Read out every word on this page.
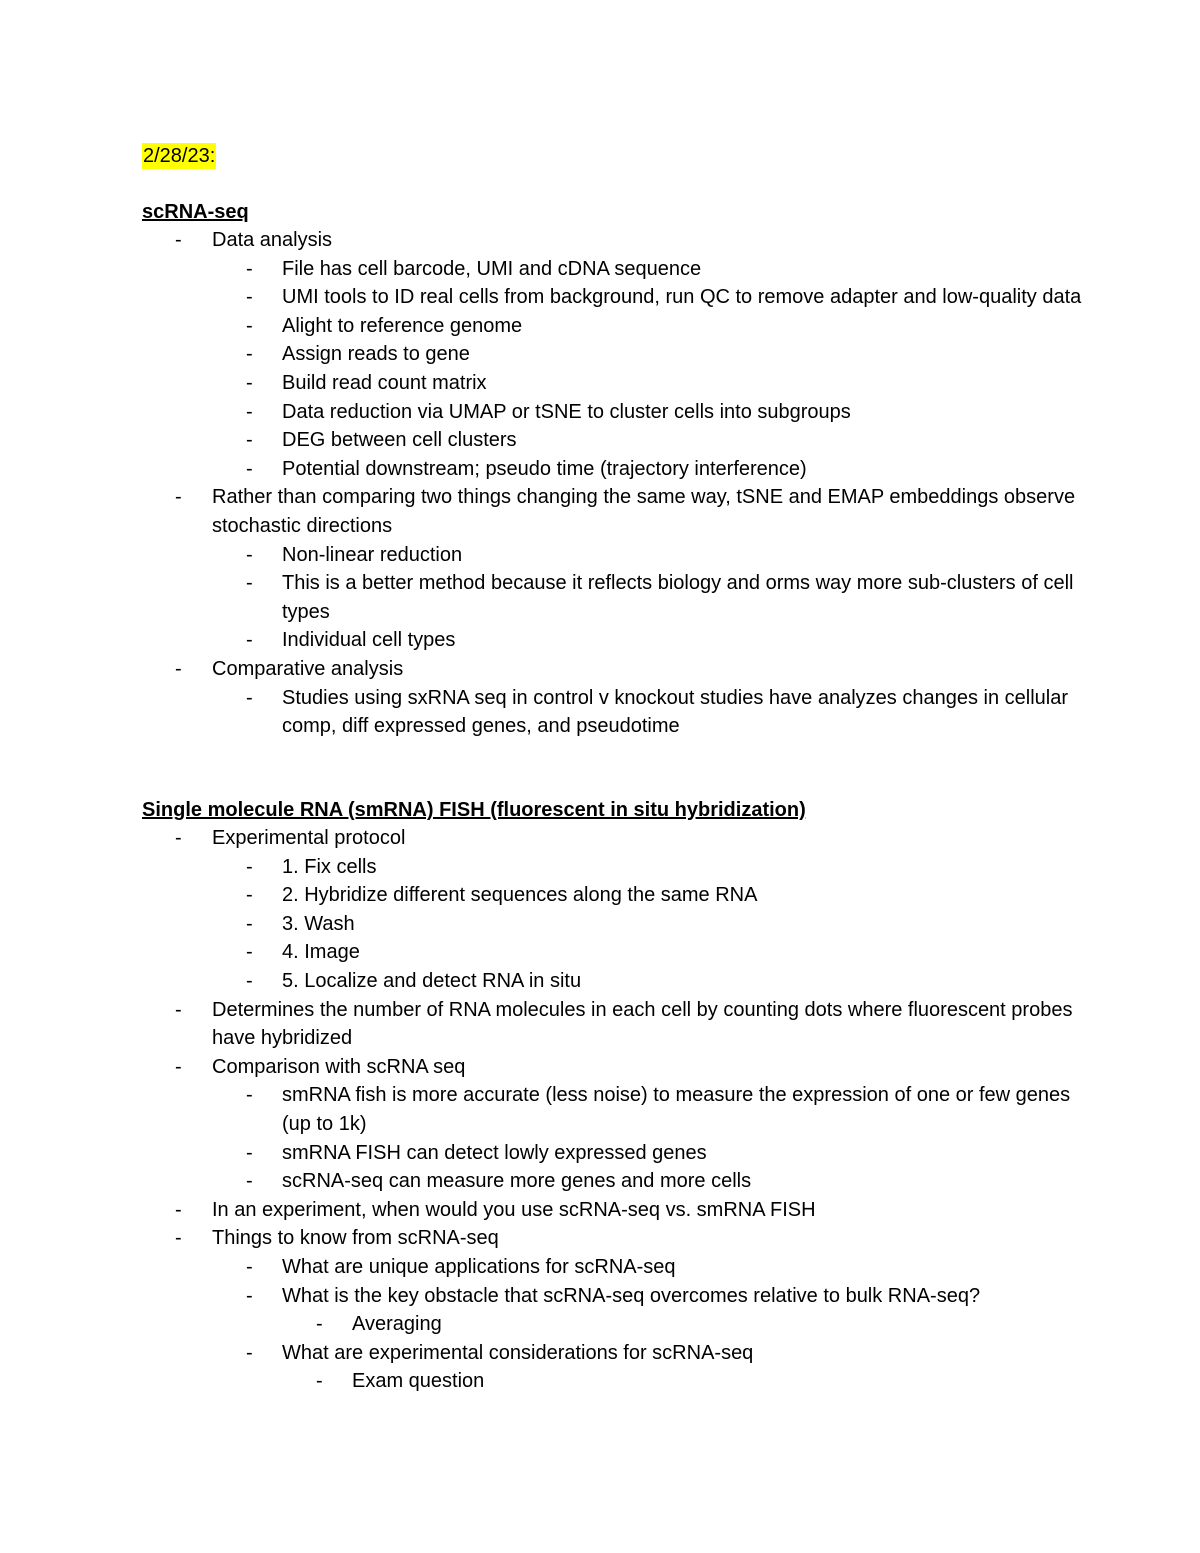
2/28/23:
scRNA-seq
- Data analysis
- File has cell barcode, UMI and cDNA sequence
- UMI tools to ID real cells from background, run QC to remove adapter and low-quality data
- Alight to reference genome
- Assign reads to gene
- Build read count matrix
- Data reduction via UMAP or tSNE to cluster cells into subgroups
- DEG between cell clusters
- Potential downstream; pseudo time (trajectory interference)
- Rather than comparing two things changing the same way, tSNE and EMAP embeddings observe stochastic directions
- Non-linear reduction
- This is a better method because it reflects biology and orms way more sub-clusters of cell types
- Individual cell types
- Comparative analysis
- Studies using sxRNA seq in control v knockout studies have analyzes changes in cellular comp, diff expressed genes, and pseudotime
Single molecule RNA (smRNA) FISH (fluorescent in situ hybridization)
- Experimental protocol
- 1. Fix cells
- 2. Hybridize different sequences along the same RNA
- 3. Wash
- 4. Image
- 5. Localize and detect RNA in situ
- Determines the number of RNA molecules in each cell by counting dots where fluorescent probes have hybridized
- Comparison with scRNA seq
- smRNA fish is more accurate (less noise) to measure the expression of one or few genes (up to 1k)
- smRNA FISH can detect lowly expressed genes
- scRNA-seq can measure more genes and more cells
- In an experiment, when would you use scRNA-seq vs. smRNA FISH
- Things to know from scRNA-seq
- What are unique applications for scRNA-seq
- What is the key obstacle that scRNA-seq overcomes relative to bulk RNA-seq?
- Averaging
- What are experimental considerations for scRNA-seq
- Exam question
